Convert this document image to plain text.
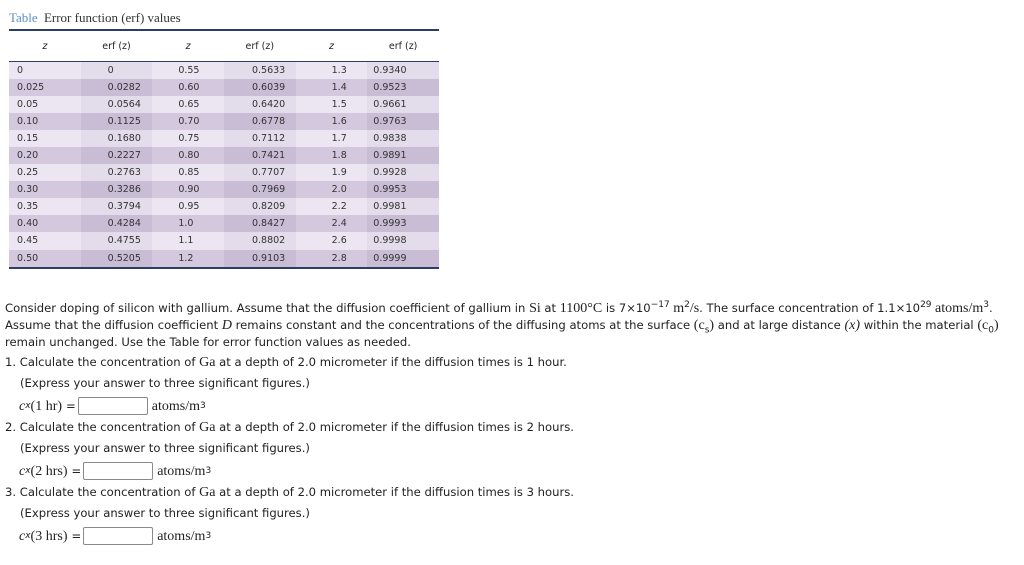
Table Error function (erf) values
z	erf (z)	z	erf (z)	z	erf (z)
0	0	0.55	0.5633	1.3	0.9340
0.025	0.0282	0.60	0.6039	1.4	0.9523
0.05	0.0564	0.65	0.6420	1.5	0.9661
0.10	0.1125	0.70	0.6778	1.6	0.9763
0.15	0.1680	0.75	0.7112	1.7	0.9838
0.20	0.2227	0.80	0.7421	1.8	0.9891
0.25	0.2763	0.85	0.7707	1.9	0.9928
0.30	0.3286	0.90	0.7969	2.0	0.9953
0.35	0.3794	0.95	0.8209	2.2	0.9981
0.40	0.4284	1.0	0.8427	2.4	0.9993
0.45	0.4755	1.1	0.8802	2.6	0.9998
0.50	0.5205	1.2	0.9103	2.8	0.9999
Consider doping of silicon with gallium. Assume that the diffusion coefficient of gallium in Si at 1100°C is $7\times 10^{-17}$ $m^2/s$. The surface concentration of $1.1\times 10^{29}$ atoms/$m^3$. Assume that the diffusion coefficient D remains constant and the concentrations of the diffusing atoms at the surface $(c_s)$ and at large distance (x) within the material $(c_0)$ remain unchanged. Use the Table for error function values as needed.
1. Calculate the concentration of Ga at a depth of 2.0 micrometer if the diffusion times is 1 hour.
(Express your answer to three significant figures.)
c x (1 hr) =	atoms/m 3
2. Calculate the concentration of Ga at a depth of 2.0 micrometer if the diffusion times is 2 hours.
(Express your answer to three significant figures.)
c x (2 hrs) =	atoms/m 3
3. Calculate the concentration of Ga at a depth of 2.0 micrometer if the diffusion times is 3 hours.
(Express your answer to three significant figures.)
c x (3 hrs) =	atoms/m 3
